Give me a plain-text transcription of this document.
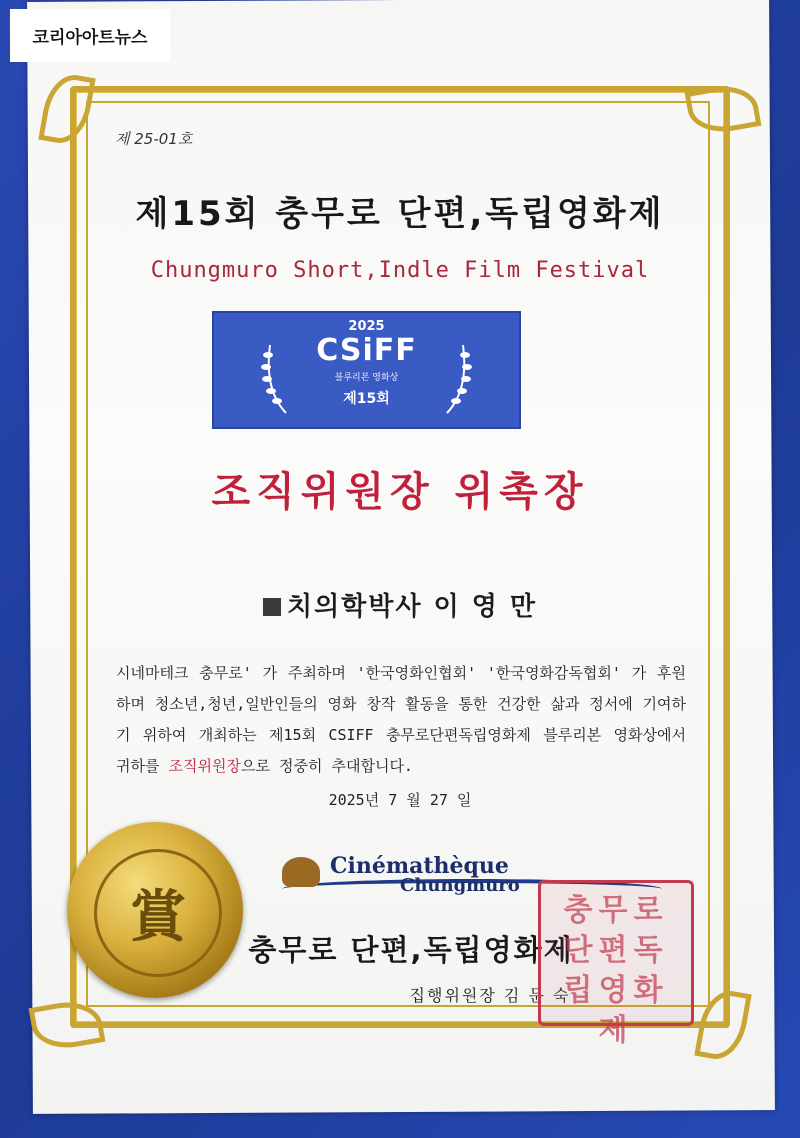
코리아아트뉴스
제 25-01호
제15회 충무로 단편,독립영화제
Chungmuro Short,Indle Film Festival
2025
CSiFF
블루리본 영화상
제15회
조직위원장 위촉장
치의학박사 이 영 만
시네마테크 충무로' 가 주최하며 '한국영화인협회' '한국영화감독협회' 가 후원하며 청소년,청년,일반인들의 영화 창작 활동을 통한 건강한 삶과 정서에 기여하기 위하여 개최하는 제15회 CSIFF 충무로단편독립영화제 블루리본 영화상에서 귀하를 조직위원장으로 정중히 추대합니다.
2025년 7 월 27 일
Cinémathèque
Chungmuro
충무로 단편,독립영화제
집행위원장 김 문 숙
賞	충무로단편독립영화제
